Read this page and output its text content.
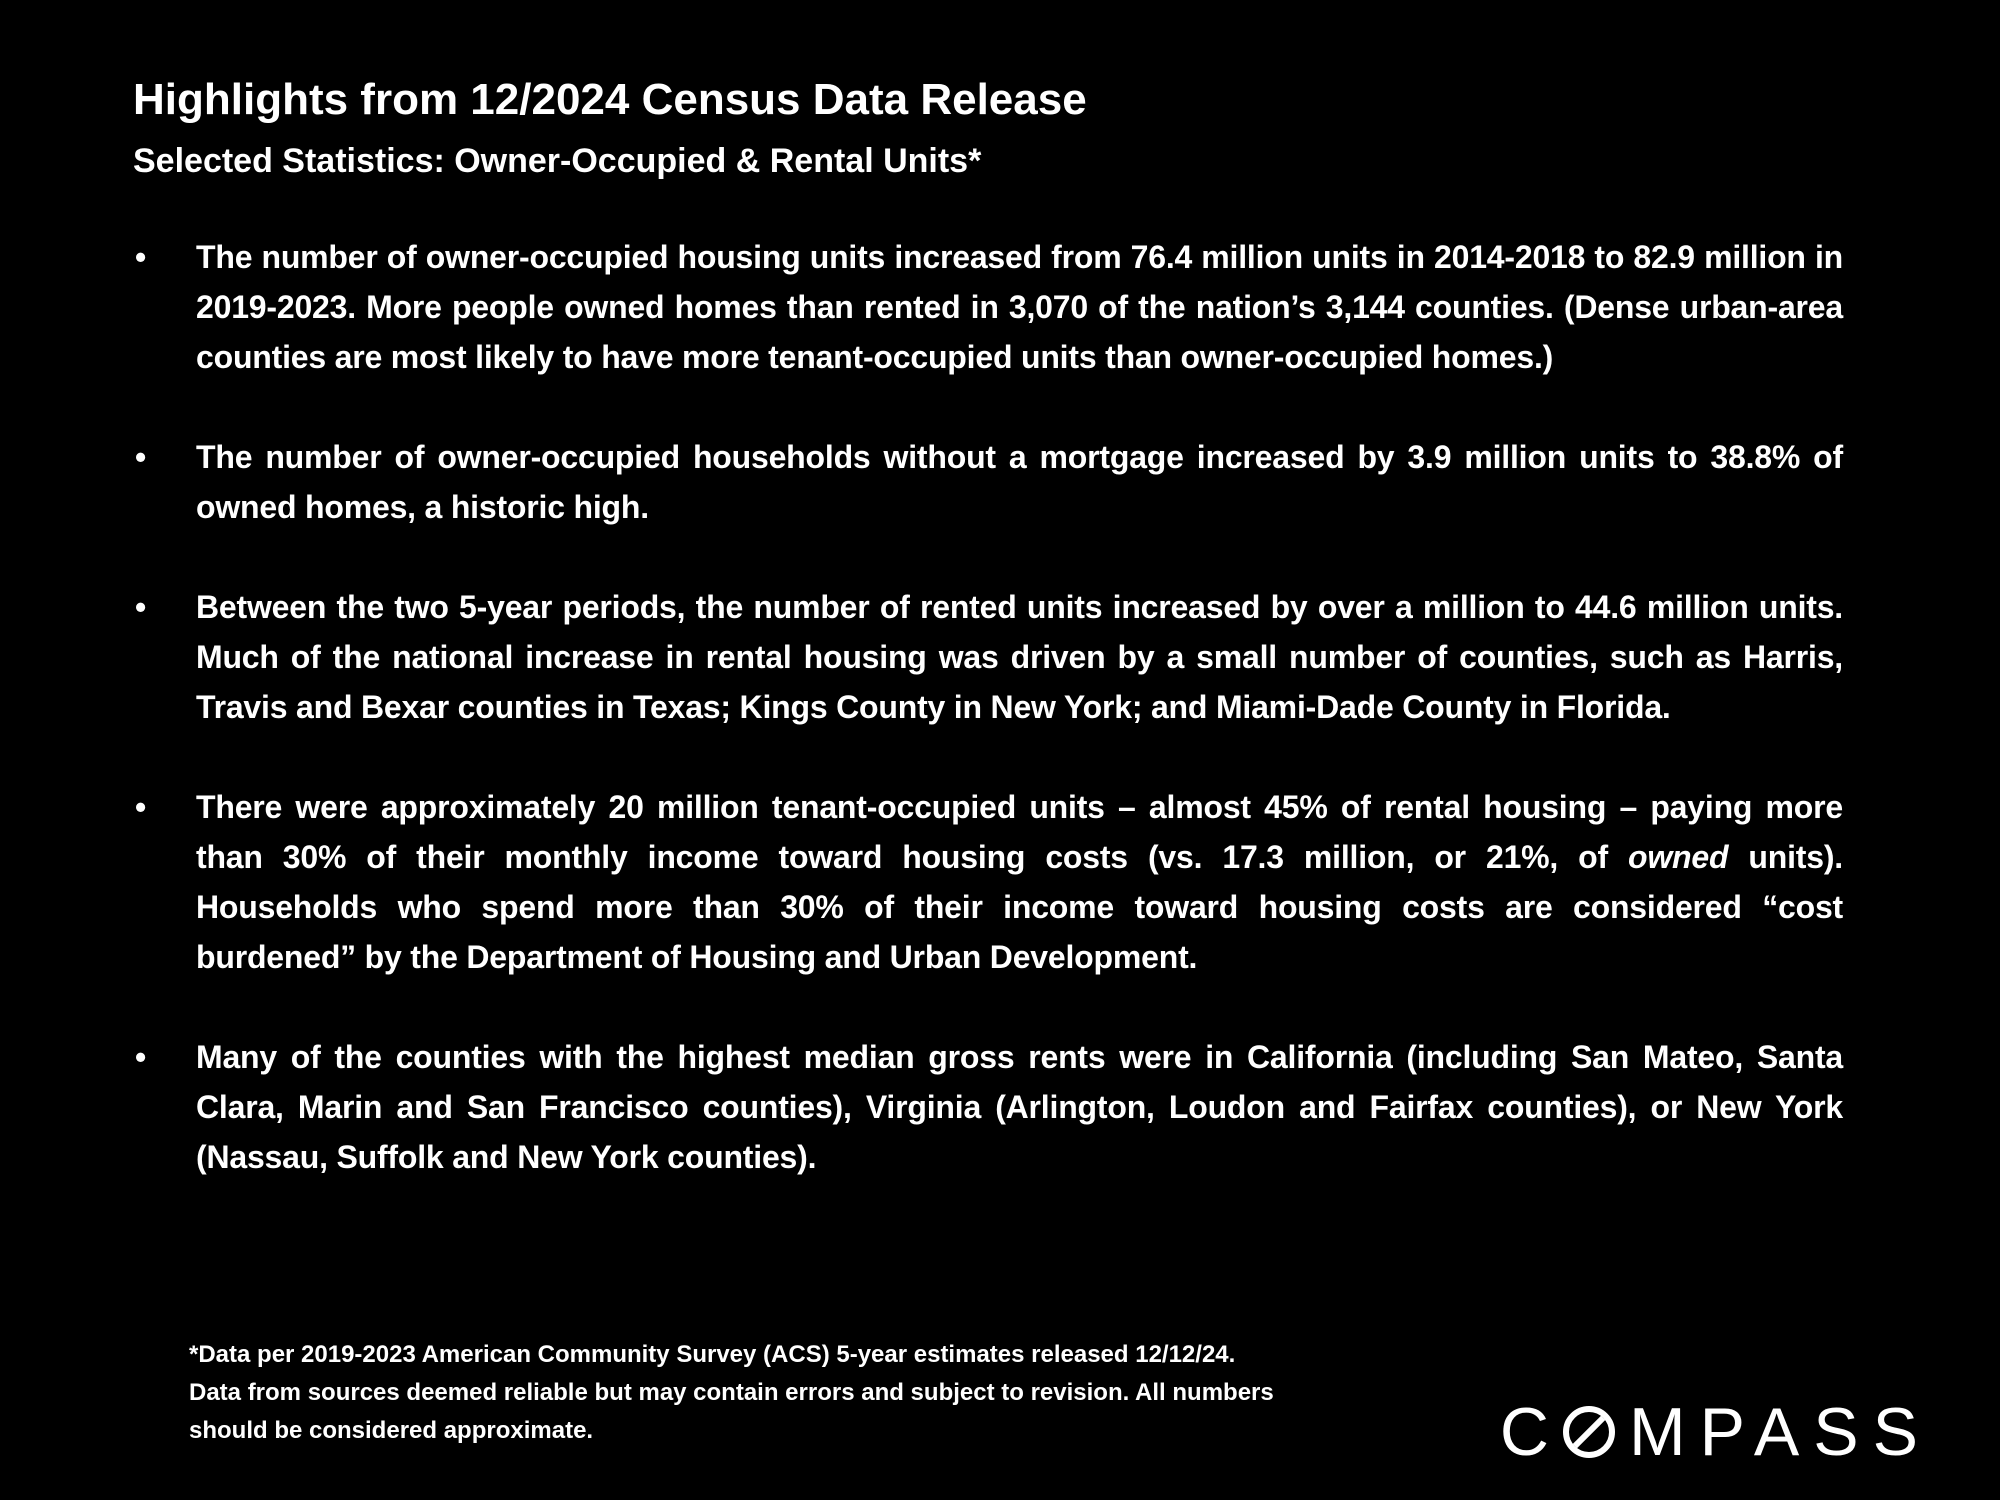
Highlights from 12/2024 Census Data Release
Selected Statistics: Owner-Occupied & Rental Units*
• The number of owner-occupied housing units increased from 76.4 million units in 2014-2018 to 82.9 million in 2019-2023. More people owned homes than rented in 3,070 of the nation’s 3,144 counties. (Dense urban-area counties are most likely to have more tenant-occupied units than owner-occupied homes.)
• The number of owner-occupied households without a mortgage increased by 3.9 million units to 38.8% of owned homes, a historic high.
• Between the two 5-year periods, the number of rented units increased by over a million to 44.6 million units. Much of the national increase in rental housing was driven by a small number of counties, such as Harris, Travis and Bexar counties in Texas; Kings County in New York; and Miami-Dade County in Florida.
• There were approximately 20 million tenant-occupied units – almost 45% of rental housing – paying more than 30% of their monthly income toward housing costs (vs. 17.3 million, or 21%, of owned units). Households who spend more than 30% of their income toward housing costs are considered “cost burdened” by the Department of Housing and Urban Development.
• Many of the counties with the highest median gross rents were in California (including San Mateo, Santa Clara, Marin and San Francisco counties), Virginia (Arlington, Loudon and Fairfax counties), or New York (Nassau, Suffolk and New York counties).
*Data per 2019-2023 American Community Survey (ACS) 5-year estimates released 12/12/24.
Data from sources deemed reliable but may contain errors and subject to revision. All numbers
should be considered approximate.	C MPASS
